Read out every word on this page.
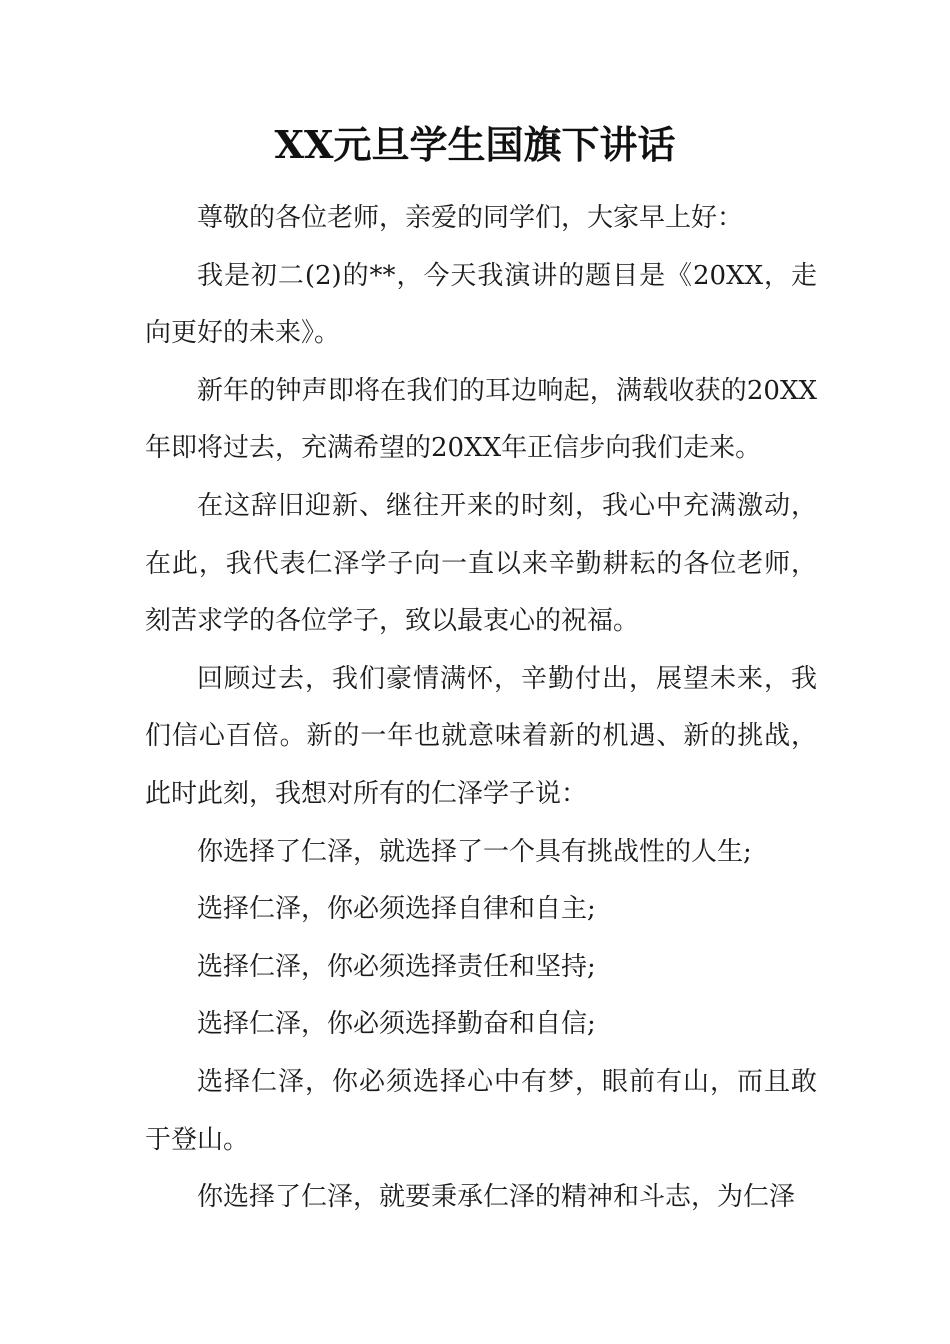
XX元旦学生国旗下讲话

尊敬的各位老师，亲爱的同学们，大家早上好：

我是初二(2)的**，今天我演讲的题目是《20XX，走向更好的未来》。

新年的钟声即将在我们的耳边响起，满载收获的20XX年即将过去，充满希望的20XX年正信步向我们走来。

在这辞旧迎新、继往开来的时刻，我心中充满激动，在此，我代表仁泽学子向一直以来辛勤耕耘的各位老师，刻苦求学的各位学子，致以最衷心的祝福。

回顾过去，我们豪情满怀，辛勤付出，展望未来，我们信心百倍。新的一年也就意味着新的机遇、新的挑战，此时此刻，我想对所有的仁泽学子说：

你选择了仁泽，就选择了一个具有挑战性的人生;

选择仁泽，你必须选择自律和自主;

选择仁泽，你必须选择责任和坚持;

选择仁泽，你必须选择勤奋和自信;

选择仁泽，你必须选择心中有梦，眼前有山，而且敢于登山。

你选择了仁泽，就要秉承仁泽的精神和斗志，为仁泽
